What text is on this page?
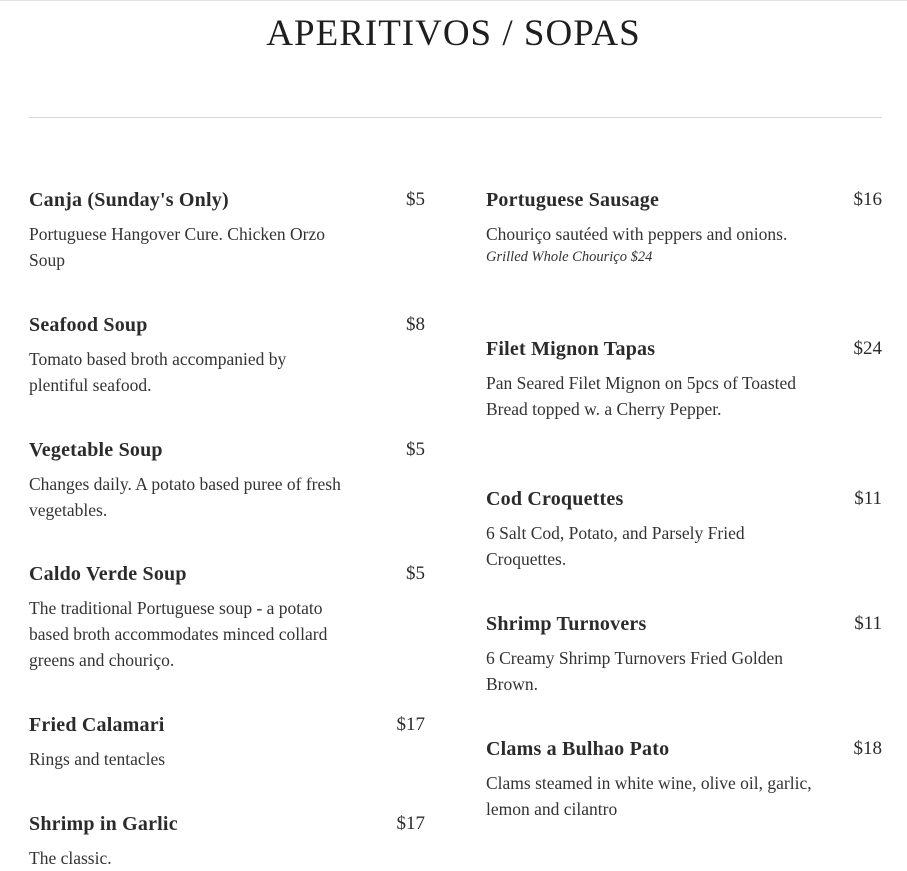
APERITIVOS / SOPAS
Canja (Sunday's Only)	$5
Portuguese Hangover Cure. Chicken Orzo Soup
Seafood Soup	$8
Tomato based broth accompanied by plentiful seafood.
Vegetable Soup	$5
Changes daily. A potato based puree of fresh vegetables.
Caldo Verde Soup	$5
The traditional Portuguese soup - a potato based broth accommodates minced collard greens and chouriço.
Fried Calamari	$17
Rings and tentacles
Shrimp in Garlic	$17
The classic.
Portuguese Sausage	$16
Chouriço sautéed with peppers and onions.
Grilled Whole Chouriço $24
Filet Mignon Tapas	$24
Pan Seared Filet Mignon on 5pcs of Toasted Bread topped w. a Cherry Pepper.
Cod Croquettes	$11
6 Salt Cod, Potato, and Parsely Fried Croquettes.
Shrimp Turnovers	$11
6 Creamy Shrimp Turnovers Fried Golden Brown.
Clams a Bulhao Pato	$18
Clams steamed in white wine, olive oil, garlic, lemon and cilantro
